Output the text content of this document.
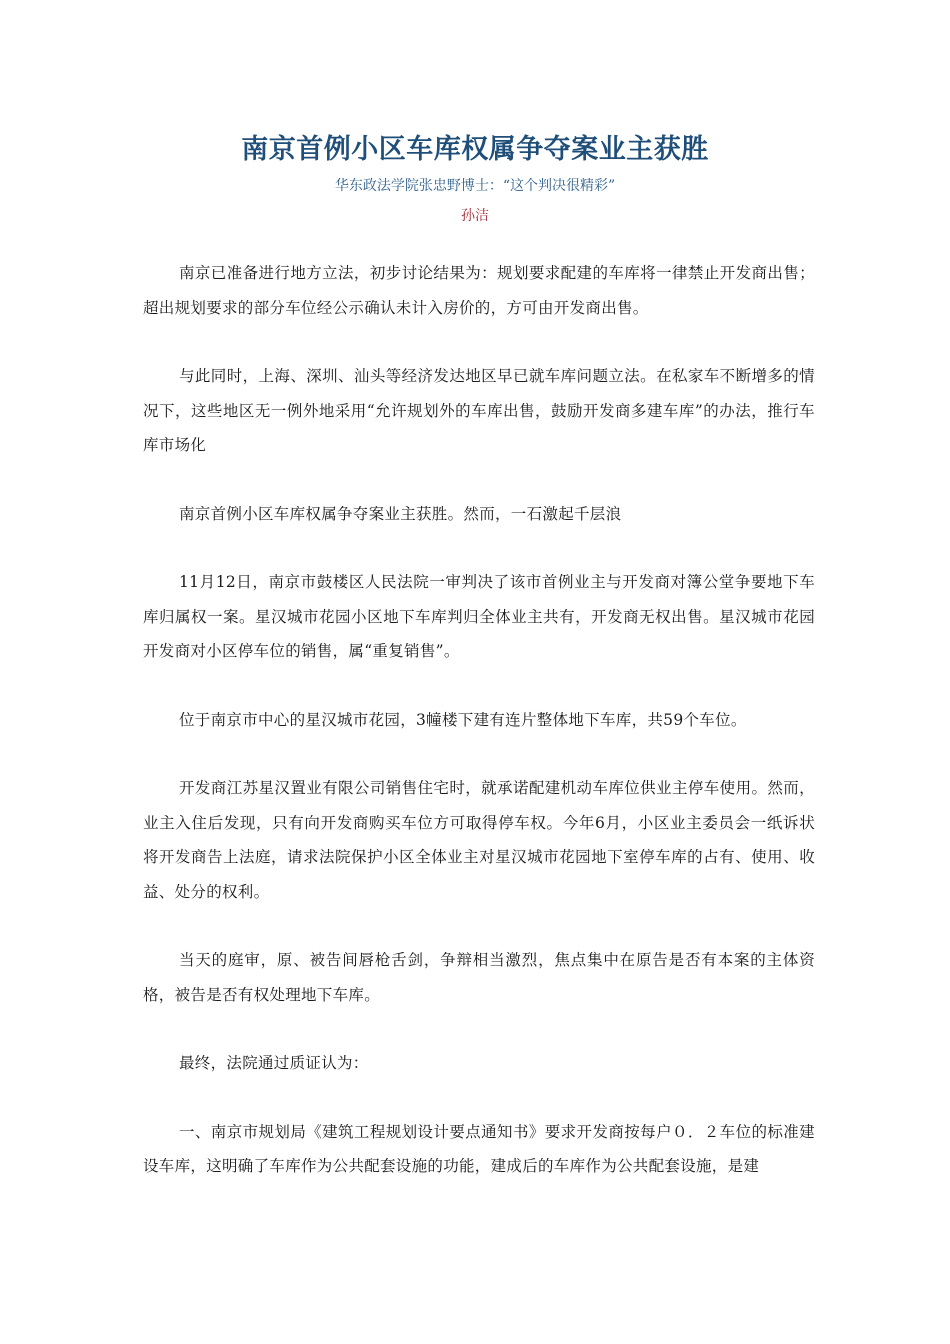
南京首例小区车库权属争夺案业主获胜
华东政法学院张忠野博士：“这个判决很精彩”
孙洁

南京已准备进行地方立法，初步讨论结果为：规划要求配建的车库将一律禁止开发商出售；超出规划要求的部分车位经公示确认未计入房价的，方可由开发商出售。

与此同时，上海、深圳、汕头等经济发达地区早已就车库问题立法。在私家车不断增多的情况下，这些地区无一例外地采用“允许规划外的车库出售，鼓励开发商多建车库”的办法，推行车库市场化

南京首例小区车库权属争夺案业主获胜。然而，一石激起千层浪

11月12日，南京市鼓楼区人民法院一审判决了该市首例业主与开发商对簿公堂争要地下车库归属权一案。星汉城市花园小区地下车库判归全体业主共有，开发商无权出售。星汉城市花园开发商对小区停车位的销售，属“重复销售”。

位于南京市中心的星汉城市花园，3幢楼下建有连片整体地下车库，共59个车位。

开发商江苏星汉置业有限公司销售住宅时，就承诺配建机动车库位供业主停车使用。然而，业主入住后发现，只有向开发商购买车位方可取得停车权。今年6月，小区业主委员会一纸诉状将开发商告上法庭，请求法院保护小区全体业主对星汉城市花园地下室停车库的占有、使用、收益、处分的权利。

当天的庭审，原、被告间唇枪舌剑，争辩相当激烈，焦点集中在原告是否有本案的主体资格，被告是否有权处理地下车库。

最终，法院通过质证认为：

一、南京市规划局《建筑工程规划设计要点通知书》要求开发商按每户０．２车位的标准建设车库，这明确了车库作为公共配套设施的功能，建成后的车库作为公共配套设施，是建
